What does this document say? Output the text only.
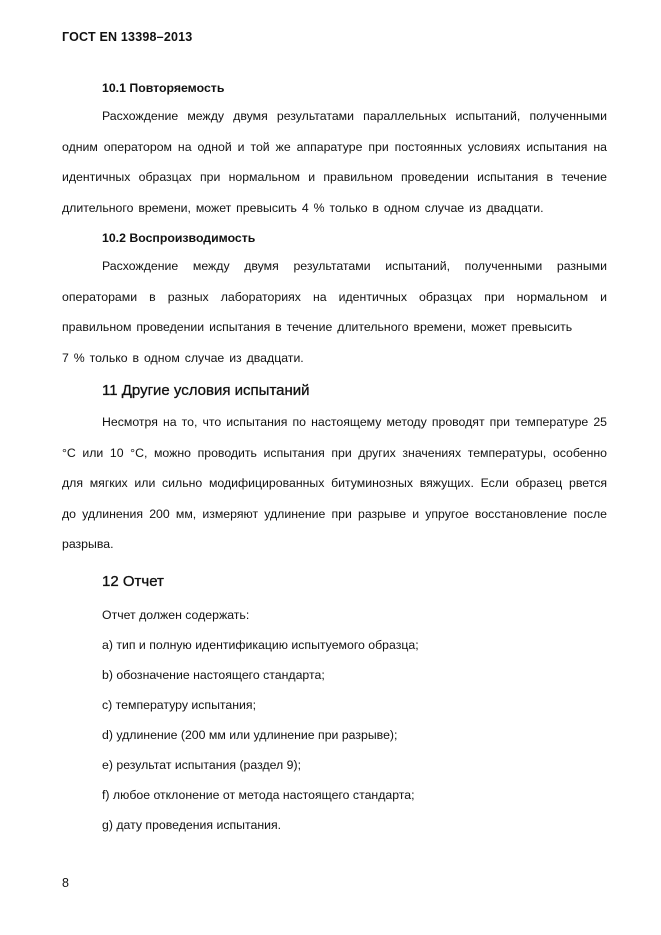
ГОСТ EN 13398–2013

10.1 Повторяемость

Расхождение между двумя результатами параллельных испытаний, полученными одним оператором на одной и той же аппаратуре при постоянных условиях испытания на идентичных образцах при нормальном и правильном проведении испытания в течение длительного времени, может превысить 4 % только в одном случае из двадцати.

10.2 Воспроизводимость

Расхождение между двумя результатами испытаний, полученными разными операторами в разных лабораториях на идентичных образцах при нормальном и правильном проведении испытания в течение длительного времени, может превысить

7 % только в одном случае из двадцати.

11 Другие условия испытаний

Несмотря на то, что испытания по настоящему методу проводят при температуре 25 °С или 10 °С, можно проводить испытания при других значениях температуры, особенно для мягких или сильно модифицированных битуминозных вяжущих. Если образец рвется до удлинения 200 мм, измеряют удлинение при разрыве и упругое восстановление после разрыва.

12 Отчет

Отчет должен содержать:

a) тип и полную идентификацию испытуемого образца;

b) обозначение настоящего стандарта;

c) температуру испытания;

d) удлинение (200 мм или удлинение при разрыве);

e) результат испытания (раздел 9);

f) любое отклонение от метода настоящего стандарта;

g) дату проведения испытания.

8
